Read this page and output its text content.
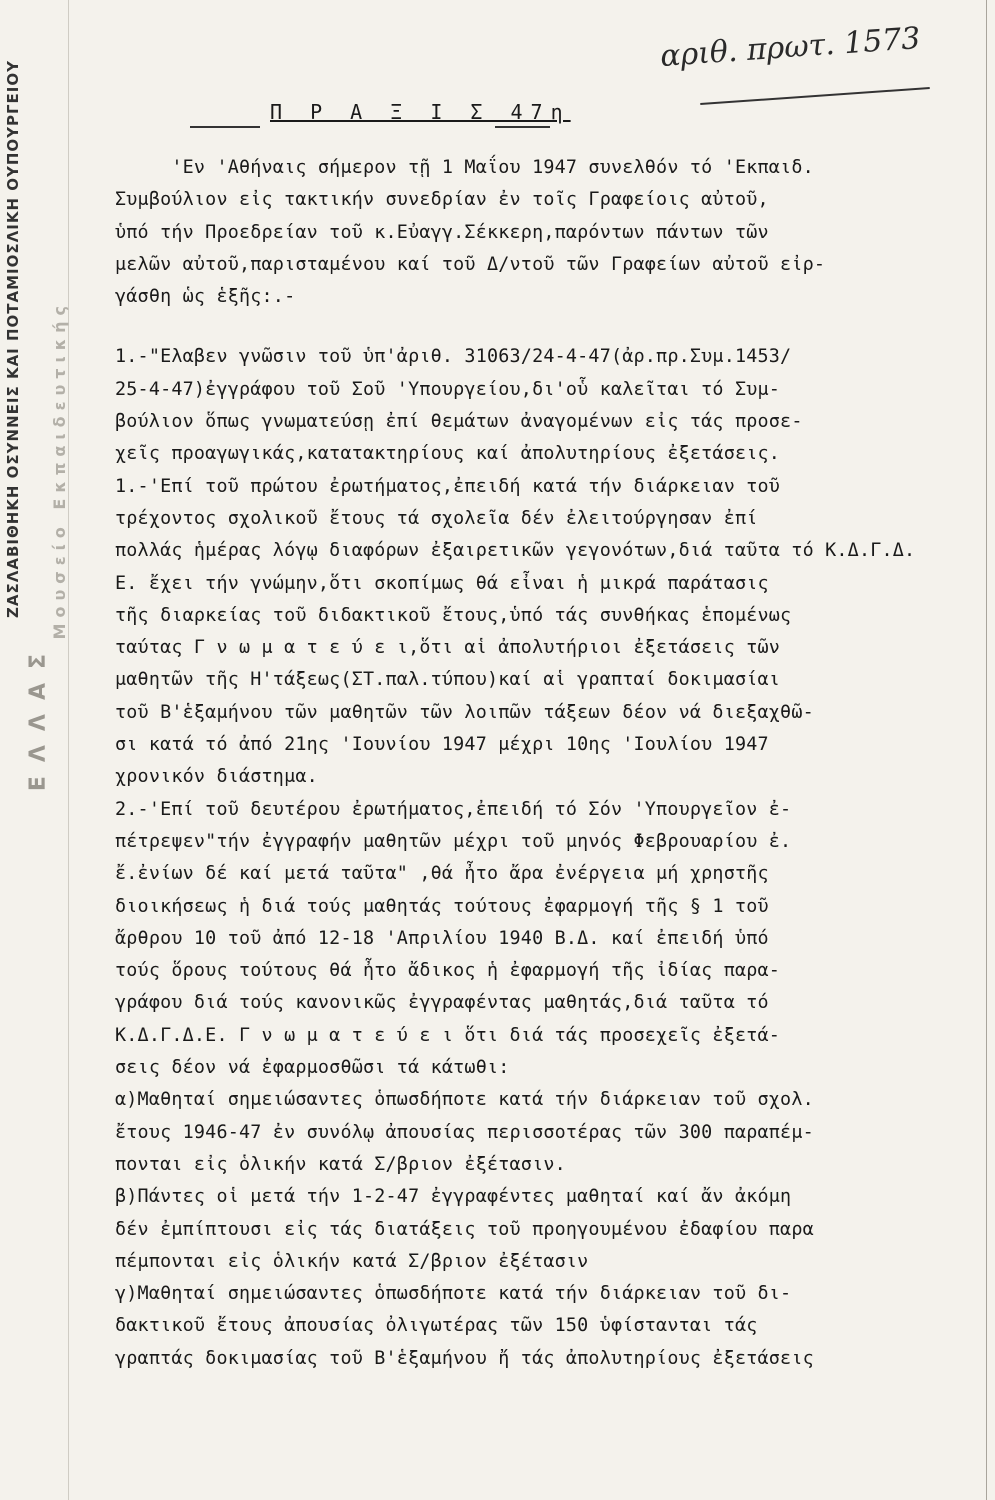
ΖΑΣΛΑΒΙΘΗΚΗ ΟΣΥΝΝΕΙΣ ΚΑΙ ΠΟΤΑΜΙΟΣΛΙΚΗ ΟΥΠΟΥΡΓΕΙΟΥ
ΕΛΛΑΣ
Μουσείο Εκπαιδευτικής
αριθ. πρωτ. 1573
Π Ρ Α Ξ Ι Σ 47η
'Εν 'Αθήναις σήμερον τῇ 1 Μαΐου 1947 συνελθόν τό 'Εκπαιδ.
Συμβούλιον εἰς τακτικήν συνεδρίαν ἐν τοῖς Γραφείοις αὐτοῦ,
ὑπό τήν Προεδρείαν τοῦ κ.Εὐαγγ.Σέκκερη,παρόντων πάντων τῶν
μελῶν αὐτοῦ,παρισταμένου καί τοῦ Δ/ντοῦ τῶν Γραφείων αὐτοῦ εἰρ-
γάσθη ὡς ἑξῆς:.-
1.-"Ελαβεν γνῶσιν τοῦ ὑπ'ἀριθ. 31063/24-4-47(ἀρ.πρ.Συμ.1453/
25-4-47)ἐγγράφου τοῦ Σοῦ 'Υπουργείου,δι'οὗ καλεῖται τό Συμ-
βούλιον ὅπως γνωματεύσῃ ἐπί θεμάτων ἀναγομένων εἰς τάς προσε-
χεῖς προαγωγικάς,κατατακτηρίους καί ἀπολυτηρίους ἐξετάσεις.
1.-'Επί τοῦ πρώτου ἐρωτήματος,ἐπειδή κατά τήν διάρκειαν τοῦ
τρέχοντος σχολικοῦ ἔτους τά σχολεῖα δέν ἐλειτούργησαν ἐπί
πολλάς ἡμέρας λόγῳ διαφόρων ἐξαιρετικῶν γεγονότων,διά ταῦτα τό Κ.Δ.Γ.Δ.
Ε. ἔχει τήν γνώμην,ὅτι σκοπίμως θά εἶναι ἡ μικρά παράτασις
τῆς διαρκείας τοῦ διδακτικοῦ ἔτους,ὑπό τάς συνθήκας ἑπομένως
ταύτας Γ ν ω μ α τ ε ύ ε ι,ὅτι αἱ ἀπολυτήριοι ἐξετάσεις τῶν
μαθητῶν τῆς Η'τάξεως(ΣΤ.παλ.τύπου)καί αἱ γραπταί δοκιμασίαι
τοῦ Β'ἑξαμήνου τῶν μαθητῶν τῶν λοιπῶν τάξεων δέον νά διεξαχθῶ-
σι κατά τό ἀπό 21ης 'Ιουνίου 1947 μέχρι 10ης 'Ιουλίου 1947
χρονικόν διάστημα.
2.-'Επί τοῦ δευτέρου ἐρωτήματος,ἐπειδή τό Σόν 'Υπουργεῖον ἐ-
πέτρεψεν"τήν ἐγγραφήν μαθητῶν μέχρι τοῦ μηνός Φεβρουαρίου ἐ.
ἔ.ἐνίων δέ καί μετά ταῦτα" ,θά ἦτο ἄρα ἐνέργεια μή χρηστῆς
διοικήσεως ἡ διά τούς μαθητάς τούτους ἐφαρμογή τῆς § 1 τοῦ
ἄρθρου 10 τοῦ ἀπό 12-18 'Απριλίου 1940 Β.Δ. καί ἐπειδή ὑπό
τούς ὅρους τούτους θά ἦτο ἄδικος ἡ ἐφαρμογή τῆς ἰδίας παρα-
γράφου διά τούς κανονικῶς ἐγγραφέντας μαθητάς,διά ταῦτα τό
Κ.Δ.Γ.Δ.Ε. Γ ν ω μ α τ ε ύ ε ι ὅτι διά τάς προσεχεῖς ἐξετά-
σεις δέον νά ἐφαρμοσθῶσι τά κάτωθι:
α)Μαθηταί σημειώσαντες ὁπωσδήποτε κατά τήν διάρκειαν τοῦ σχολ.
ἔτους 1946-47 ἐν συνόλῳ ἀπουσίας περισσοτέρας τῶν 300 παραπέμ-
πονται εἰς ὁλικήν κατά Σ/βριον ἐξέτασιν.
β)Πάντες οἱ μετά τήν 1-2-47 ἐγγραφέντες μαθηταί καί ἄν ἀκόμη
δέν ἐμπίπτουσι εἰς τάς διατάξεις τοῦ προηγουμένου ἐδαφίου παρα
πέμπονται εἰς ὁλικήν κατά Σ/βριον ἐξέτασιν
γ)Μαθηταί σημειώσαντες ὁπωσδήποτε κατά τήν διάρκειαν τοῦ δι-
δακτικοῦ ἔτους ἀπουσίας ὀλιγωτέρας τῶν 150 ὑφίστανται τάς
γραπτάς δοκιμασίας τοῦ Β'ἑξαμήνου ἤ τάς ἀπολυτηρίους ἐξετάσεις
